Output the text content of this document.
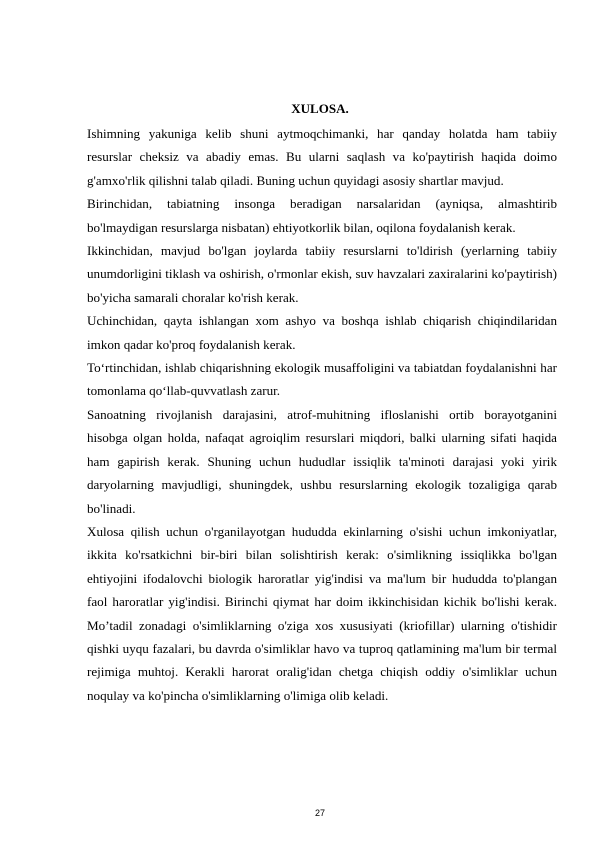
XULOSA.

Ishimning yakuniga kelib shuni aytmoqchimanki, har qanday holatda ham tabiiy resurslar cheksiz va abadiy emas. Bu ularni saqlash va ko'paytirish haqida doimo g'amxo'rlik qilishni talab qiladi. Buning uchun quyidagi asosiy shartlar mavjud.

Birinchidan, tabiatning insonga beradigan narsalaridan (ayniqsa, almashtirib bo'lmaydigan resurslarga nisbatan) ehtiyotkorlik bilan, oqilona foydalanish kerak.

Ikkinchidan, mavjud bo'lgan joylarda tabiiy resurslarni to'ldirish (yerlarning tabiiy unumdorligini tiklash va oshirish, o'rmonlar ekish, suv havzalari zaxiralarini ko'paytirish) bo'yicha samarali choralar ko'rish kerak.

Uchinchidan, qayta ishlangan xom ashyo va boshqa ishlab chiqarish chiqindilaridan imkon qadar ko'proq foydalanish kerak.

To‘rtinchidan, ishlab chiqarishning ekologik musaffoligini va tabiatdan foydalanishni har tomonlama qo‘llab-quvvatlash zarur.

Sanoatning rivojlanish darajasini, atrof-muhitning ifloslanishi ortib borayotganini hisobga olgan holda, nafaqat agroiqlim resurslari miqdori, balki ularning sifati haqida ham gapirish kerak. Shuning uchun hududlar issiqlik ta'minoti darajasi yoki yirik daryolarning mavjudligi, shuningdek, ushbu resurslarning ekologik tozaligiga qarab bo'linadi.

Xulosa qilish uchun o'rganilayotgan hududda ekinlarning o'sishi uchun imkoniyatlar, ikkita ko'rsatkichni bir-biri bilan solishtirish kerak: o'simlikning issiqlikka bo'lgan ehtiyojini ifodalovchi biologik haroratlar yig'indisi va ma'lum bir hududda to'plangan faol haroratlar yig'indisi. Birinchi qiymat har doim ikkinchisidan kichik bo'lishi kerak. Mo’tadil zonadagi o'simliklarning o'ziga xos xususiyati (kriofillar) ularning o'tishidir qishki uyqu fazalari, bu davrda o'simliklar havo va tuproq qatlamining ma'lum bir termal rejimiga muhtoj. Kerakli harorat oralig'idan chetga chiqish oddiy o'simliklar uchun noqulay va ko'pincha o'simliklarning o'limiga olib keladi.

27
